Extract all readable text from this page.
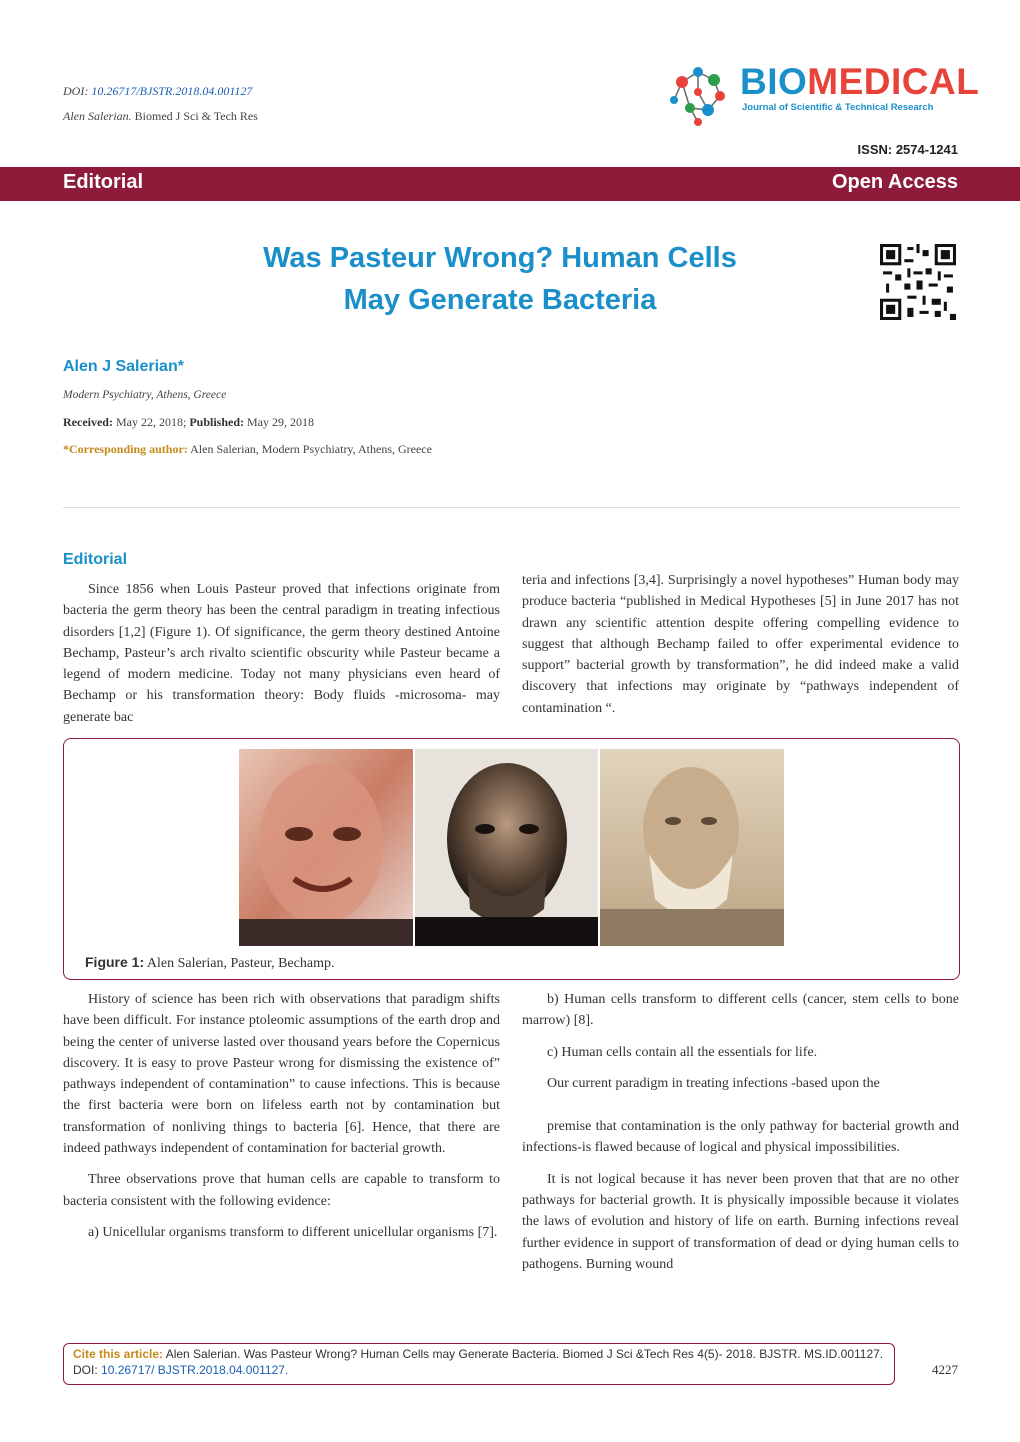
DOI: 10.26717/BJSTR.2018.04.001127
Alen Salerian. Biomed J Sci & Tech Res
BIOMEDICAL
Journal of Scientific & Technical Research
ISSN: 2574-1241
Editorial	Open Access
Was Pasteur Wrong? Human Cells
May Generate Bacteria
Alen J Salerian*
Modern Psychiatry, Athens, Greece
Received: May 22, 2018; Published: May 29, 2018
*Corresponding author: Alen Salerian, Modern Psychiatry, Athens, Greece
Editorial

Since 1856 when Louis Pasteur proved that infections originate from bacteria the germ theory has been the central paradigm in treating infectious disorders [1,2] (Figure 1). Of significance, the germ theory destined Antoine Bechamp, Pasteur’s arch rivalto scientific obscurity while Pasteur became a legend of modern medicine. Today not many physicians even heard of Bechamp or his transformation theory: Body fluids -microsoma- may generate bac

teria and infections [3,4]. Surprisingly a novel hypotheses” Human body may produce bacteria “published in Medical Hypotheses [5] in June 2017 has not drawn any scientific attention despite offering compelling evidence to suggest that although Bechamp failed to offer experimental evidence to support” bacterial growth by transformation”, he did indeed make a valid discovery that infections may originate by “pathways independent of contamination “.

Figure 1: Alen Salerian, Pasteur, Bechamp.

History of science has been rich with observations that paradigm shifts have been difficult. For instance ptoleomic assumptions of the earth drop and being the center of universe lasted over thousand years before the Copernicus discovery. It is easy to prove Pasteur wrong for dismissing the existence of” pathways independent of contamination” to cause infections. This is because the first bacteria were born on lifeless earth not by contamination but transformation of nonliving things to bacteria [6]. Hence, that there are indeed pathways independent of contamination for bacterial growth.

Three observations prove that human cells are capable to transform to bacteria consistent with the following evidence:

a) Unicellular organisms transform to different unicellular organisms [7].

b) Human cells transform to different cells (cancer, stem cells to bone marrow) [8].

c) Human cells contain all the essentials for life.

Our current paradigm in treating infections -based upon the

premise that contamination is the only pathway for bacterial growth and infections-is flawed because of logical and physical impossibilities.

It is not logical because it has never been proven that that are no other pathways for bacterial growth. It is physically impossible because it violates the laws of evolution and history of life on earth. Burning infections reveal further evidence in support of transformation of dead or dying human cells to pathogens. Burning wound

Cite this article: Alen Salerian. Was Pasteur Wrong? Human Cells may Generate Bacteria. Biomed J Sci &Tech Res 4(5)- 2018. BJSTR. MS.ID.001127. DOI: 10.26717/ BJSTR.2018.04.001127.	4227
